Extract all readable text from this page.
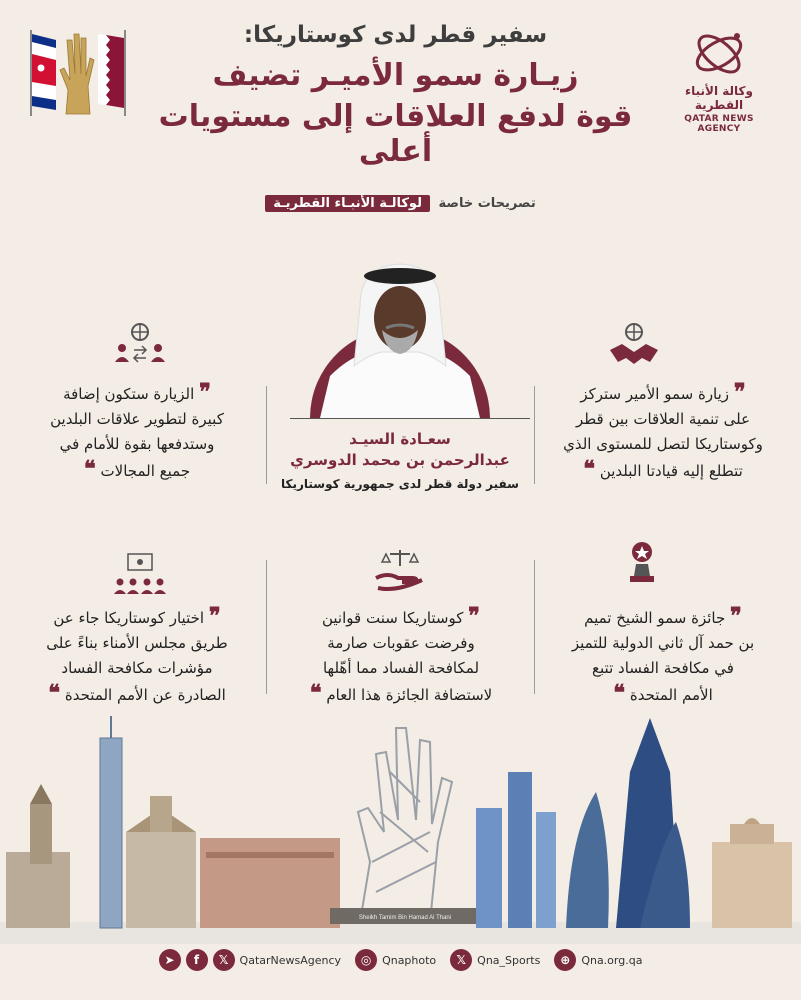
وكالة الأنباء القطرية
QATAR NEWS AGENCY
سفير قطر لدى كوستاريكا:
زيـارة سمو الأميـر تضيف
قوة لدفع العلاقات إلى مستويات أعلى
تصريحات خاصة لوكالـة الأنبـاء القطريـة
سعـادة السيـد
عبدالرحمن بن محمد الدوسري
سفير دولة قطر لدى جمهورية كوستاريكا
❞ زيارة سمو الأمير ستركز
على تنمية العلاقات بين قطر
وكوستاريكا لتصل للمستوى الذي
تتطلع إليه قيادتا البلدين ❝
❞ الزيارة ستكون إضافة
كبيرة لتطوير علاقات البلدين
وستدفعها بقوة للأمام في
جميع المجالات ❝
❞ جائزة سمو الشيخ تميم
بن حمد آل ثاني الدولية للتميز
في مكافحة الفساد تتبع
الأمم المتحدة ❝
❞ كوستاريكا سنت قوانين
وفرضت عقوبات صارمة
لمكافحة الفساد مما أهّلها
لاستضافة الجائزة هذا العام ❝
❞ اختيار كوستاريكا جاء عن
طريق مجلس الأمناء بناءً على
مؤشرات مكافحة الفساد
الصادرة عن الأمم المتحدة ❝
Sheikh Tamim Bin Hamad Al Thani
➤	f	𝕏	QatarNewsAgency	◎ Qnaphoto	𝕏	Qna_Sports	⊕ Qna.org.qa
